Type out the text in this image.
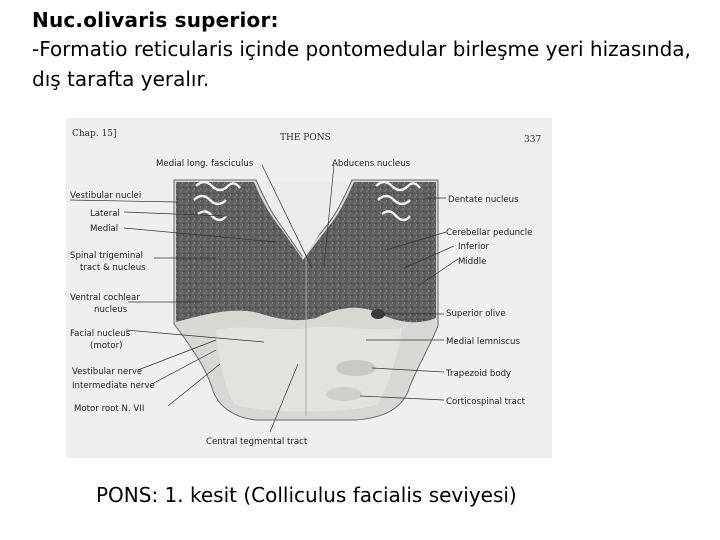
Nuc.olivaris superior:
-Formatio reticularis içinde pontomedular birleşme yeri hizasında, dış tarafta yeralır.
Chap. 15]	THE PONS	337
Medial long. fasciculus	Abducens nucleus
Vestibular nuclei
Lateral
Medial
Spinal trigeminal
tract & nucleus
Ventral cochlear
nucleus
Facial nucleus
(motor)
Vestibular nerve
Intermediate nerve
Motor root N. VII
Dentate nucleus
Cerebellar peduncle
Inferior
Middle
Superior olive
Medial lemniscus
Trapezoid body
Corticospinal tract
Central tegmental tract
PONS: 1. kesit (Colliculus facialis seviyesi)
